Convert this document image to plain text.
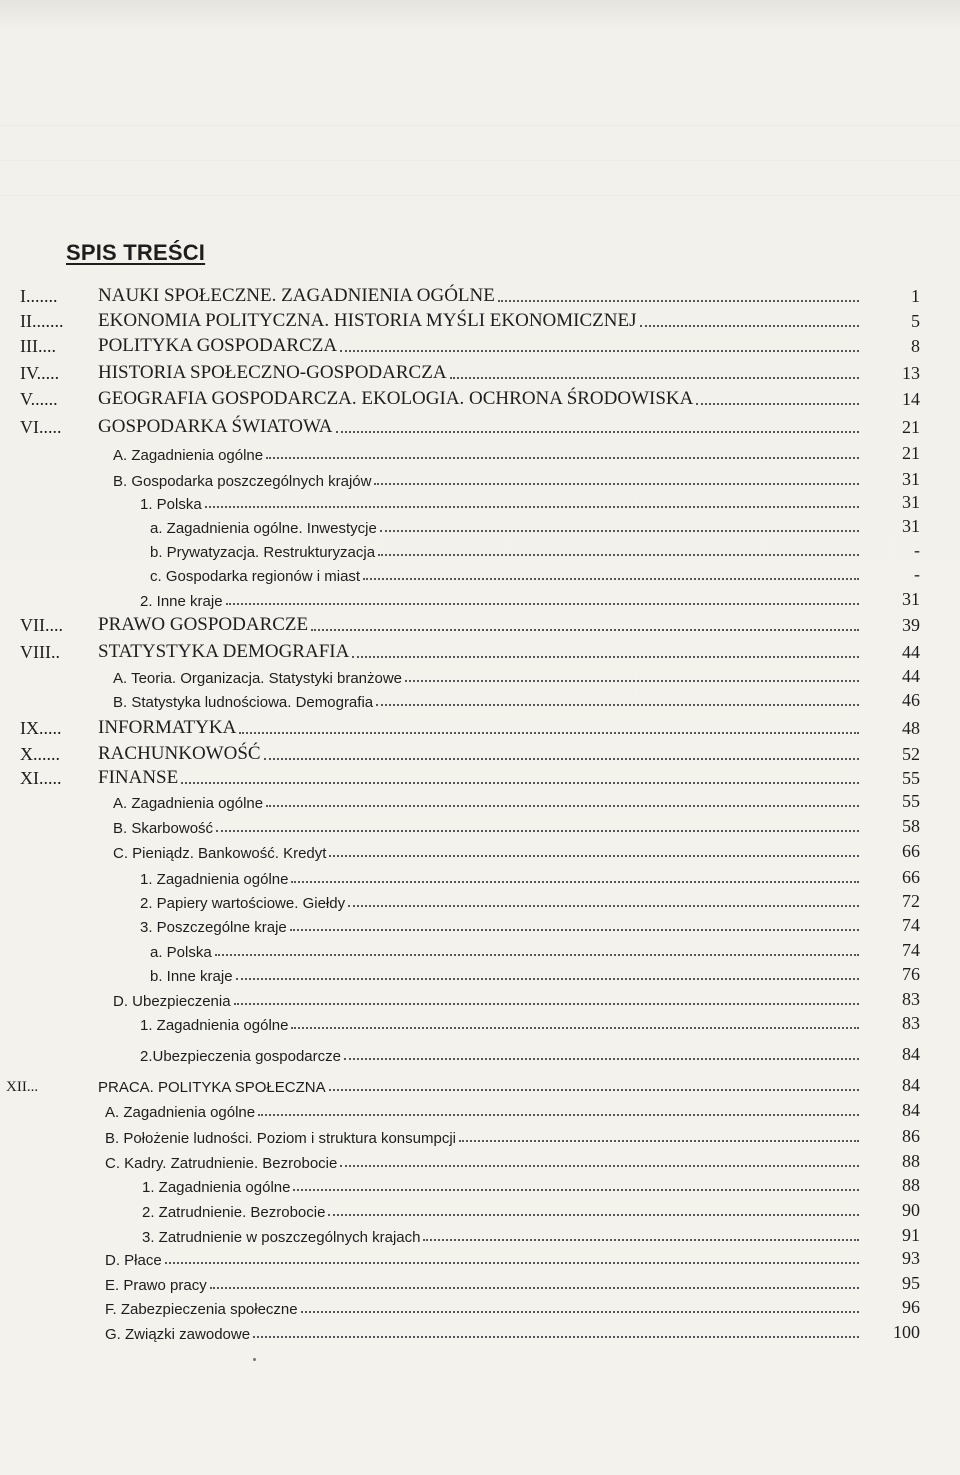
SPIS TREŚCI
I....... NAUKI SPOŁECZNE. ZAGADNIENIA OGÓLNE	1
II....... EKONOMIA POLITYCZNA. HISTORIA MYŚLI EKONOMICZNEJ	5
III.... POLITYKA GOSPODARCZA	8
IV..... HISTORIA SPOŁECZNO-GOSPODARCZA	13
V...... GEOGRAFIA GOSPODARCZA. EKOLOGIA. OCHRONA ŚRODOWISKA	14
VI..... GOSPODARKA ŚWIATOWA	21
A. Zagadnienia ogólne	21
B. Gospodarka poszczególnych krajów	31
1. Polska	31
a. Zagadnienia ogólne. Inwestycje	31
b. Prywatyzacja. Restrukturyzacja	-
c. Gospodarka regionów i miast	-
2. Inne kraje	31
VII.... PRAWO GOSPODARCZE	39
VIII.. STATYSTYKA DEMOGRAFIA	44
A. Teoria. Organizacja. Statystyki branżowe	44
B. Statystyka ludnościowa. Demografia	46
IX..... INFORMATYKA	48
X...... RACHUNKOWOŚĆ	52
XI..... FINANSE	55
A. Zagadnienia ogólne	55
B. Skarbowość	58
C. Pieniądz. Bankowość. Kredyt	66
1. Zagadnienia ogólne	66
2. Papiery wartościowe. Giełdy	72
3. Poszczególne kraje	74
a. Polska	74
b. Inne kraje	76
D. Ubezpieczenia	83
1. Zagadnienia ogólne	83
2.Ubezpieczenia gospodarcze	84
XII...	PRACA. POLITYKA SPOŁECZNA	84
A. Zagadnienia ogólne	84
B. Położenie ludności. Poziom i struktura konsumpcji	86
C. Kadry. Zatrudnienie. Bezrobocie	88
1. Zagadnienia ogólne	88
2. Zatrudnienie. Bezrobocie	90
3. Zatrudnienie w poszczególnych krajach	91
D. Płace	93
E. Prawo pracy	95
F. Zabezpieczenia społeczne	96
G. Związki zawodowe	100
